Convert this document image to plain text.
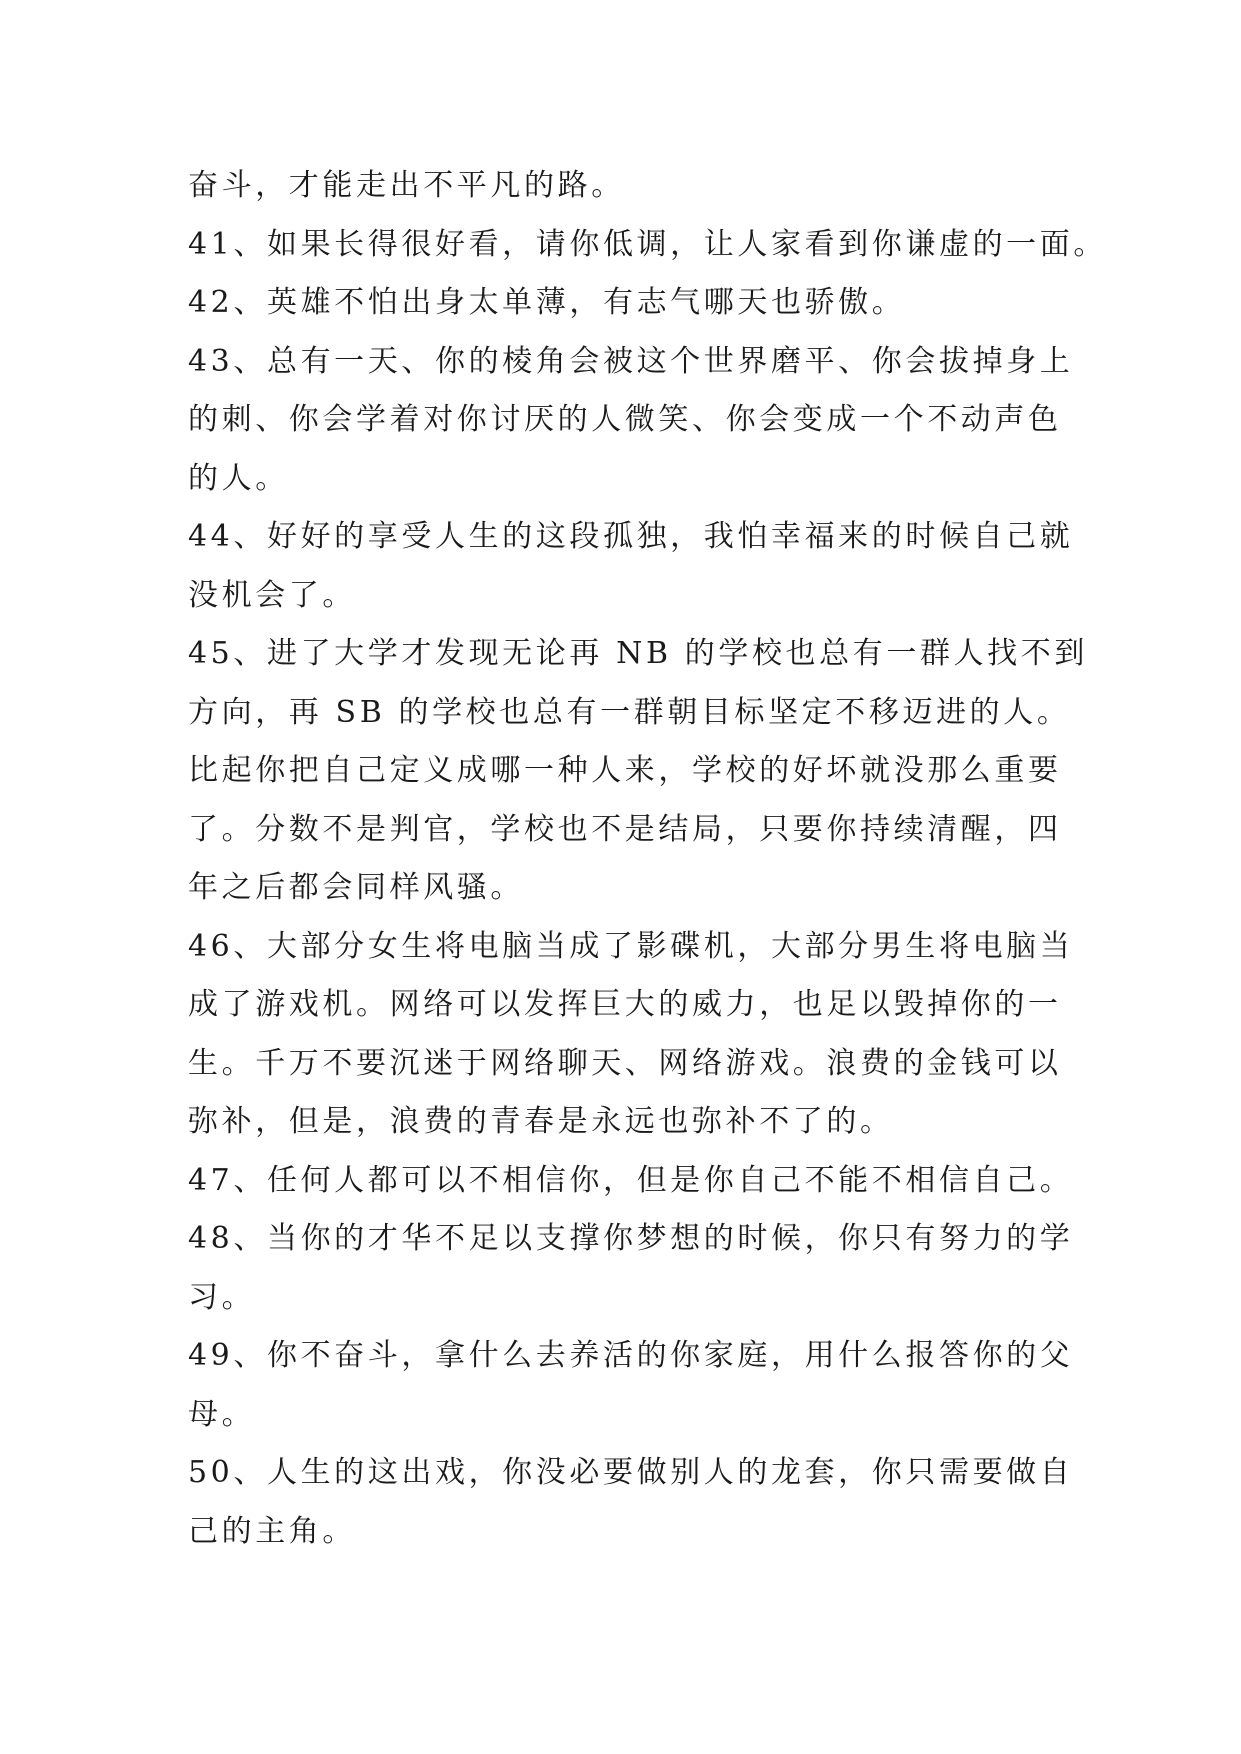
奋斗，才能走出不平凡的路。
41、如果长得很好看，请你低调，让人家看到你谦虚的一面。
42、英雄不怕出身太单薄，有志气哪天也骄傲。
43、总有一天、你的棱角会被这个世界磨平、你会拔掉身上
的刺、你会学着对你讨厌的人微笑、你会变成一个不动声色
的人。
44、好好的享受人生的这段孤独，我怕幸福来的时候自己就
没机会了。
45、进了大学才发现无论再 NB 的学校也总有一群人找不到
方向，再 SB 的学校也总有一群朝目标坚定不移迈进的人。
比起你把自己定义成哪一种人来，学校的好坏就没那么重要
了。分数不是判官，学校也不是结局，只要你持续清醒，四
年之后都会同样风骚。
46、大部分女生将电脑当成了影碟机，大部分男生将电脑当
成了游戏机。网络可以发挥巨大的威力，也足以毁掉你的一
生。千万不要沉迷于网络聊天、网络游戏。浪费的金钱可以
弥补，但是，浪费的青春是永远也弥补不了的。
47、任何人都可以不相信你，但是你自己不能不相信自己。
48、当你的才华不足以支撑你梦想的时候，你只有努力的学
习。
49、你不奋斗，拿什么去养活的你家庭，用什么报答你的父
母。
50、人生的这出戏，你没必要做别人的龙套，你只需要做自
己的主角。
